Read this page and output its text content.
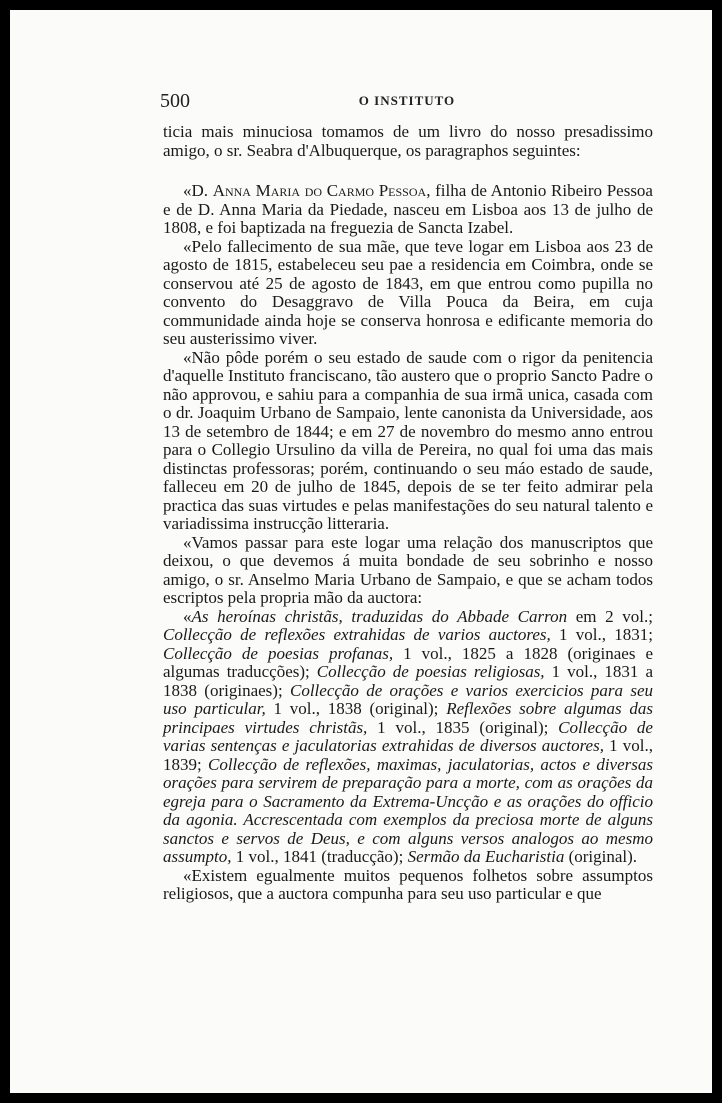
500	O INSTITUTO

ticia mais minuciosa tomamos de um livro do nosso presadissimo amigo, o sr. Seabra d'Albuquerque, os paragraphos seguintes:

«D. Anna Maria do Carmo Pessoa, filha de Antonio Ribeiro Pessoa e de D. Anna Maria da Piedade, nasceu em Lisboa aos 13 de julho de 1808, e foi baptizada na freguezia de Sancta Izabel.

«Pelo fallecimento de sua mãe, que teve logar em Lisboa aos 23 de agosto de 1815, estabeleceu seu pae a residencia em Coimbra, onde se conservou até 25 de agosto de 1843, em que entrou como pupilla no convento do Desaggravo de Villa Pouca da Beira, em cuja communidade ainda hoje se conserva honrosa e edificante memoria do seu austerissimo viver.

«Não pôde porém o seu estado de saude com o rigor da penitencia d'aquelle Instituto franciscano, tão austero que o proprio Sancto Padre o não approvou, e sahiu para a companhia de sua irmã unica, casada com o dr. Joaquim Urbano de Sampaio, lente canonista da Universidade, aos 13 de setembro de 1844; e em 27 de novembro do mesmo anno entrou para o Collegio Ursulino da villa de Pereira, no qual foi uma das mais distinctas professoras; porém, continuando o seu máo estado de saude, falleceu em 20 de julho de 1845, depois de se ter feito admirar pela practica das suas virtudes e pelas manifestações do seu natural talento e variadissima instrucção litteraria.

«Vamos passar para este logar uma relação dos manuscriptos que deixou, o que devemos á muita bondade de seu sobrinho e nosso amigo, o sr. Anselmo Maria Urbano de Sampaio, e que se acham todos escriptos pela propria mão da auctora:

«As heroínas christãs, traduzidas do Abbade Carron em 2 vol.; Collecção de reflexões extrahidas de varios auctores, 1 vol., 1831; Collecção de poesias profanas, 1 vol., 1825 a 1828 (originaes e algumas traducções); Collecção de poesias religiosas, 1 vol., 1831 a 1838 (originaes); Collecção de orações e varios exercicios para seu uso particular, 1 vol., 1838 (original); Reflexões sobre algumas das principaes virtudes christãs, 1 vol., 1835 (original); Collecção de varias sentenças e jaculatorias extrahidas de diversos auctores, 1 vol., 1839; Collecção de reflexões, maximas, jaculatorias, actos e diversas orações para servirem de preparação para a morte, com as orações da egreja para o Sacramento da Extrema-Uncção e as orações do officio da agonia. Accrescentada com exemplos da preciosa morte de alguns sanctos e servos de Deus, e com alguns versos analogos ao mesmo assumpto, 1 vol., 1841 (traducção); Sermão da Eucharistia (original).

«Existem egualmente muitos pequenos folhetos sobre assumptos religiosos, que a auctora compunha para seu uso particular e que
